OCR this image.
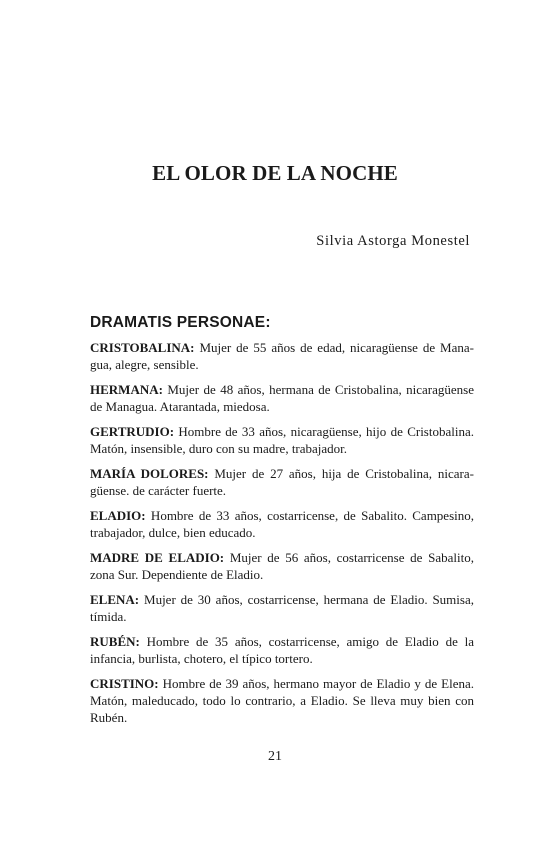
EL OLOR DE LA NOCHE
Silvia Astorga Monestel
DRAMATIS PERSONAE:

CRISTOBALINA: Mujer de 55 años de edad, nicaragüense de Managua, alegre, sensible.

HERMANA: Mujer de 48 años, hermana de Cristobalina, nicaragüense de Managua. Atarantada, miedosa.

GERTRUDIO: Hombre de 33 años, nicaragüense, hijo de Cristobalina. Matón, insensible, duro con su madre, trabajador.

MARÍA DOLORES: Mujer de 27 años, hija de Cristobalina, nicaragüense. de carácter fuerte.

ELADIO: Hombre de 33 años, costarricense, de Sabalito. Campesino, trabajador, dulce, bien educado.

MADRE DE ELADIO: Mujer de 56 años, costarricense de Sabalito, zona Sur. Dependiente de Eladio.

ELENA: Mujer de 30 años, costarricense, hermana de Eladio. Sumisa, tímida.

RUBÉN: Hombre de 35 años, costarricense, amigo de Eladio de la infancia, burlista, chotero, el típico tortero.

CRISTINO: Hombre de 39 años, hermano mayor de Eladio y de Elena. Matón, maleducado, todo lo contrario, a Eladio. Se lleva muy bien con Rubén.

21
